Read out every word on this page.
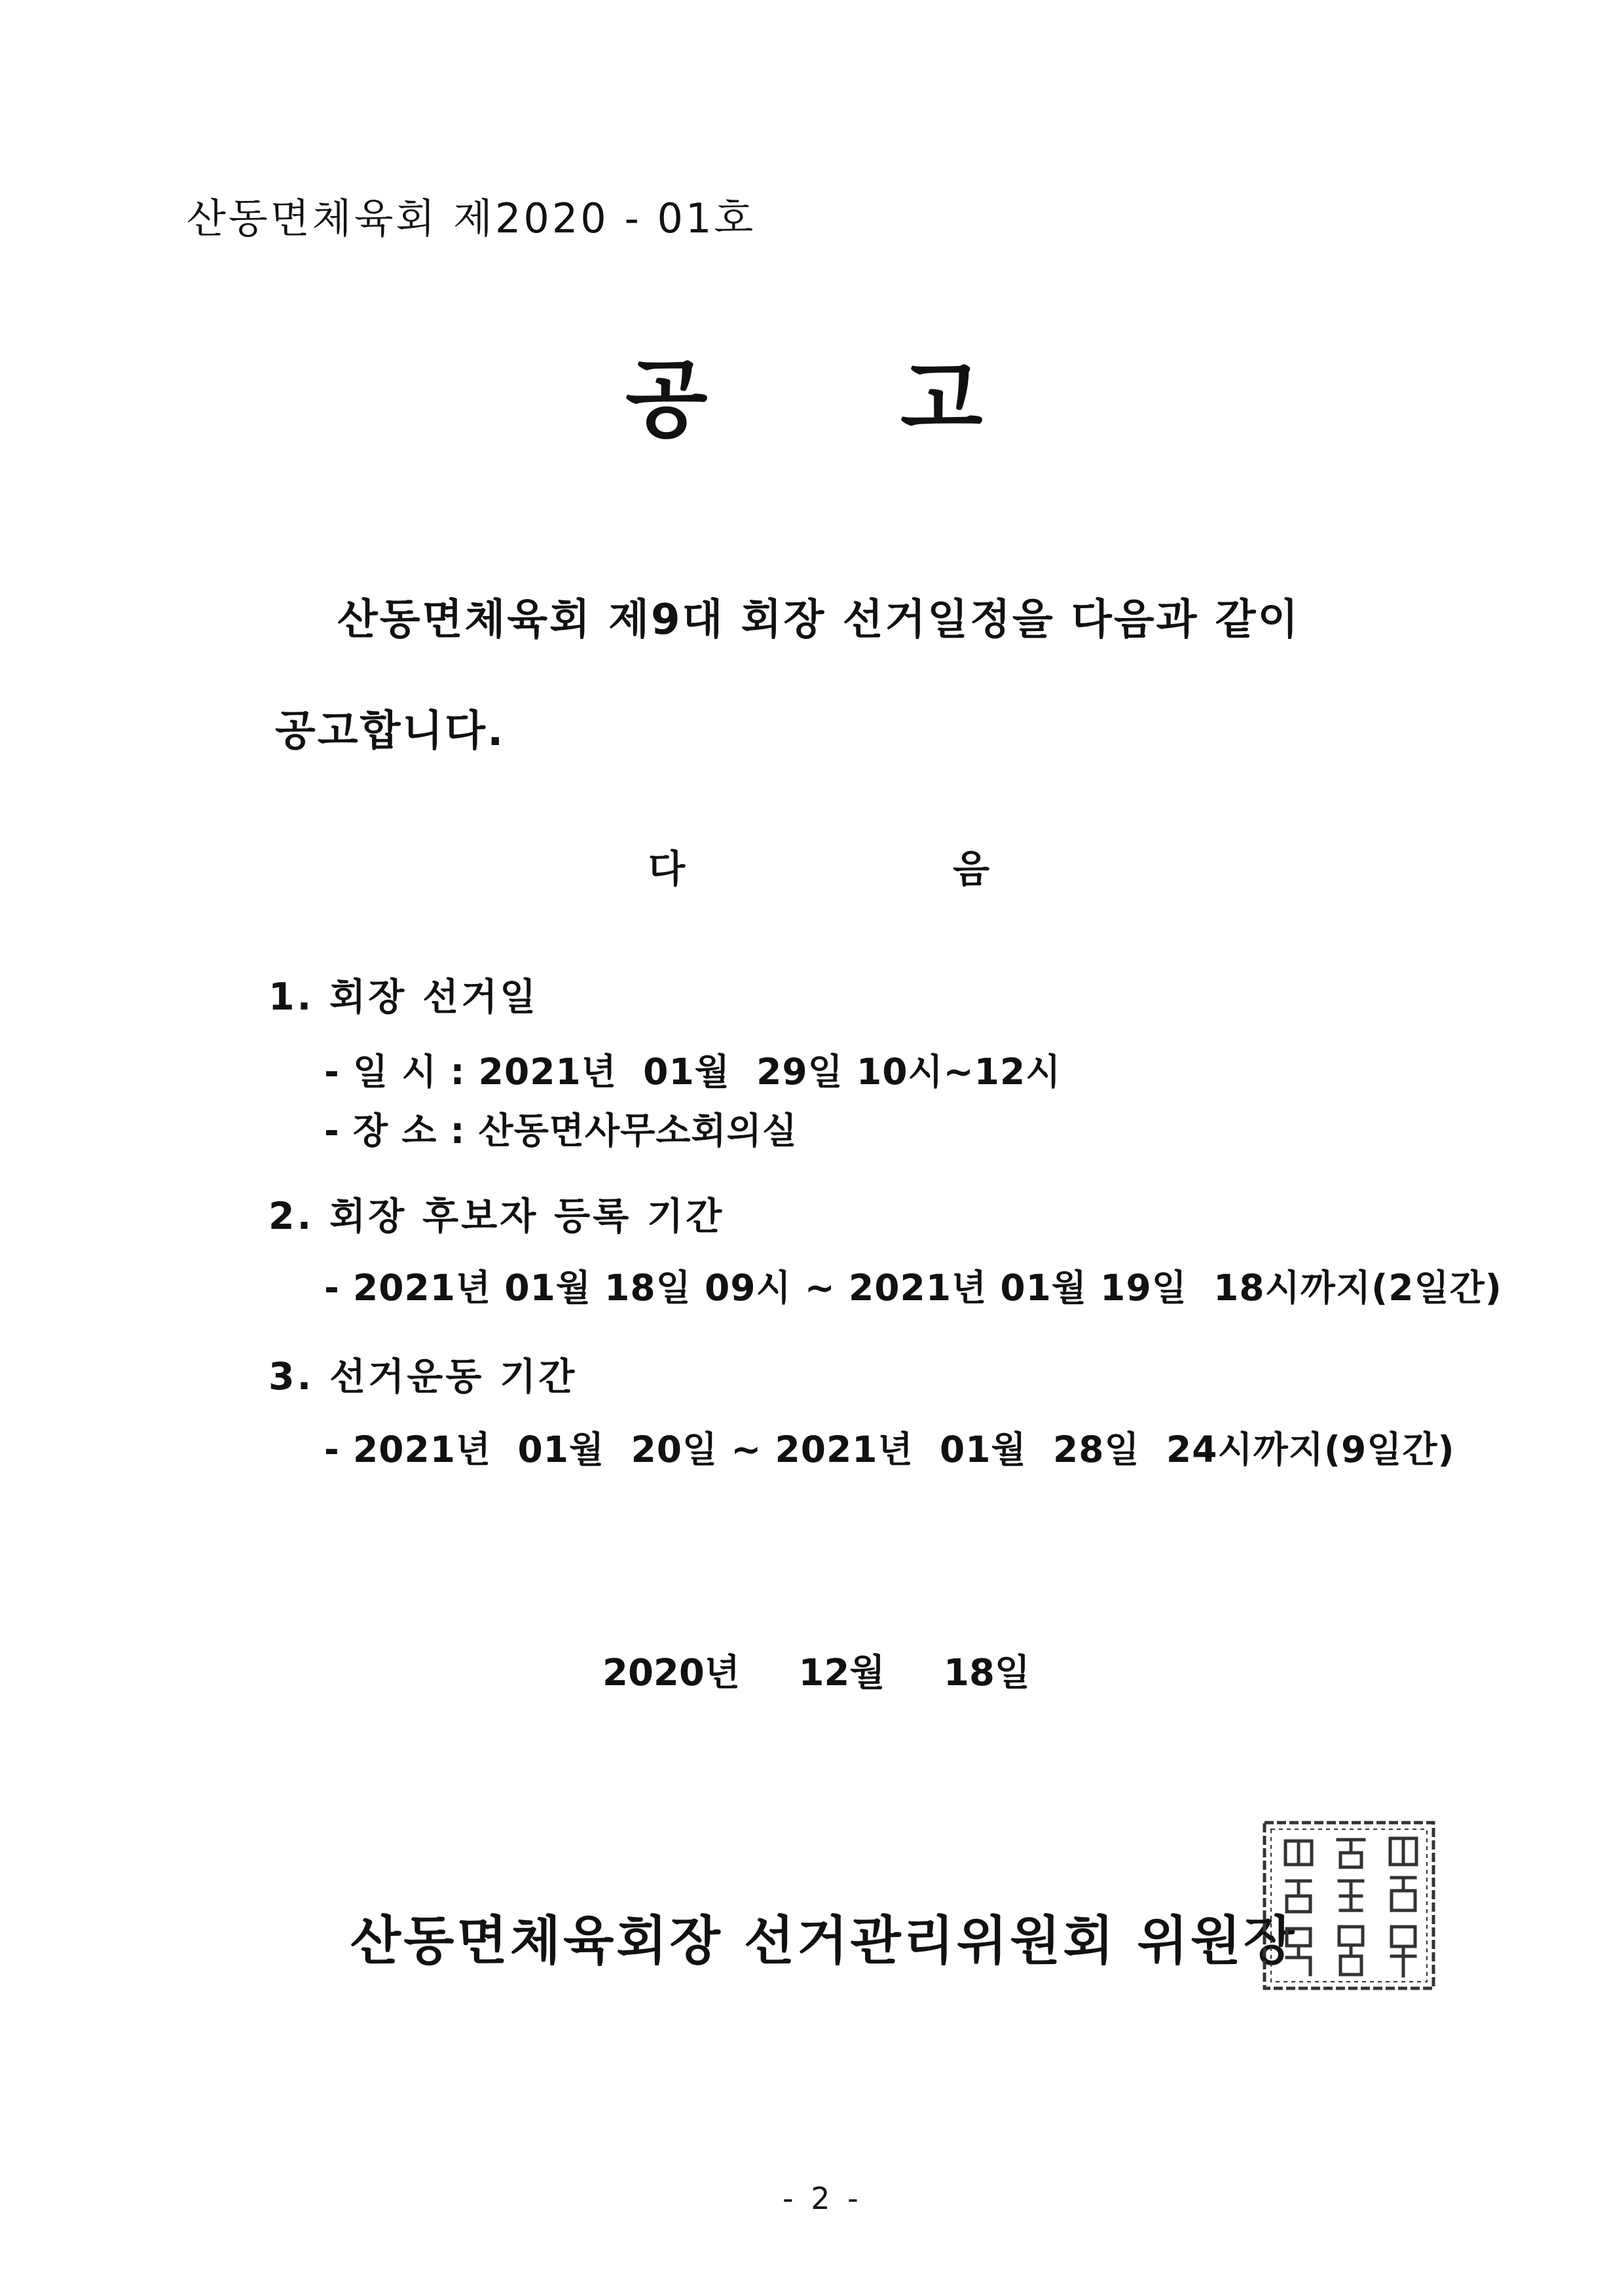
산동면체육회 제2020 - 01호
공 고
산동면체육회 제9대 회장 선거일정을 다음과 같이
공고합니다.
다	음
1. 회장 선거일
- 일 시 : 2021년  01월  29일 10시~12시
- 장 소 : 산동면사무소회의실
2. 회장 후보자 등록 기간
- 2021년 01월 18일 09시 ~ 2021년 01월 19일  18시까지(2일간)
3. 선거운동 기간
- 2021년  01월  20일 ~ 2021년  01월  28일  24시까지(9일간)
2020년 12월 18일
산동면체육회장 선거관리위원회 위원장
- 2 -
